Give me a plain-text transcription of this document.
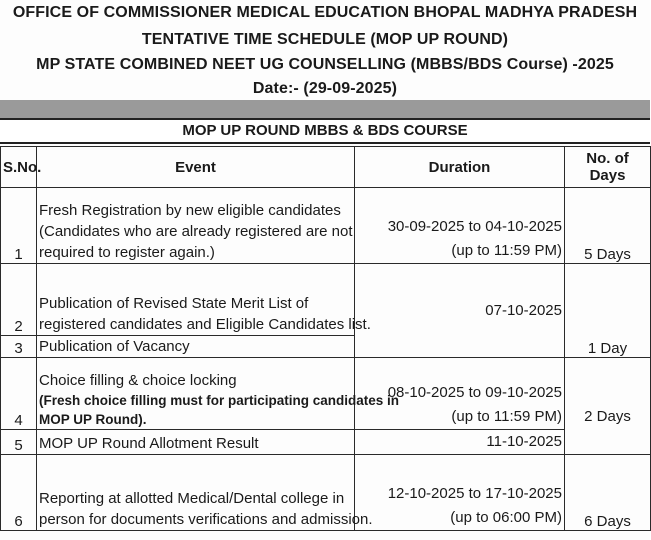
OFFICE OF COMMISSIONER MEDICAL EDUCATION BHOPAL MADHYA PRADESH
TENTATIVE TIME SCHEDULE (MOP UP ROUND)
MP STATE COMBINED NEET UG COUNSELLING (MBBS/BDS Course) -2025
Date:- (29-09-2025)
MOP UP ROUND MBBS & BDS COURSE
S.No.	Event	Duration	No. of Days
1	Fresh Registration by new eligible candidates
(Candidates who are already registered are not
required to register again.)	30-09-2025 to 04-10-2025
(up to 11:59 PM)	5 Days
2	Publication of Revised State Merit List of
registered candidates and Eligible Candidates list.	07-10-2025	1 Day
3	Publication of Vacancy		

4	Choice filling & choice locking
(Fresh choice filling must for participating candidates in
MOP UP Round).	08-10-2025 to 09-10-2025
(up to 11:59 PM)	2 Days
5	MOP UP Round Allotment Result	11-10-2025	

6	Reporting at allotted Medical/Dental college in
person for documents verifications and admission.	12-10-2025 to 17-10-2025
(up to 06:00 PM)	6 Days
